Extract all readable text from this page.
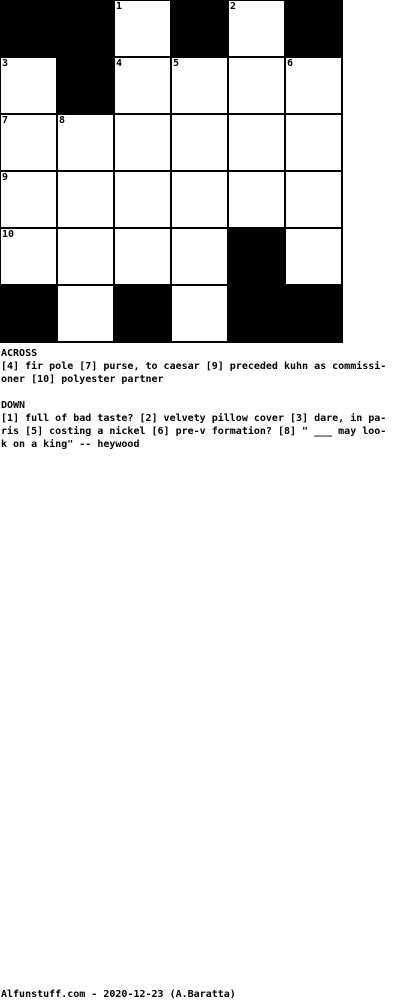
1	2
3	4	5	6
7	8
9
10
ACROSS
[4] fir pole [7] purse, to caesar [9] preceded kuhn as commissi-
oner [10] polyester partner
DOWN
[1] full of bad taste? [2] velvety pillow cover [3] dare, in pa-
ris [5] costing a nickel [6] pre-v formation? [8] " ___ may loo-
k on a king" -- heywood
Alfunstuff.com - 2020-12-23 (A.Baratta)
